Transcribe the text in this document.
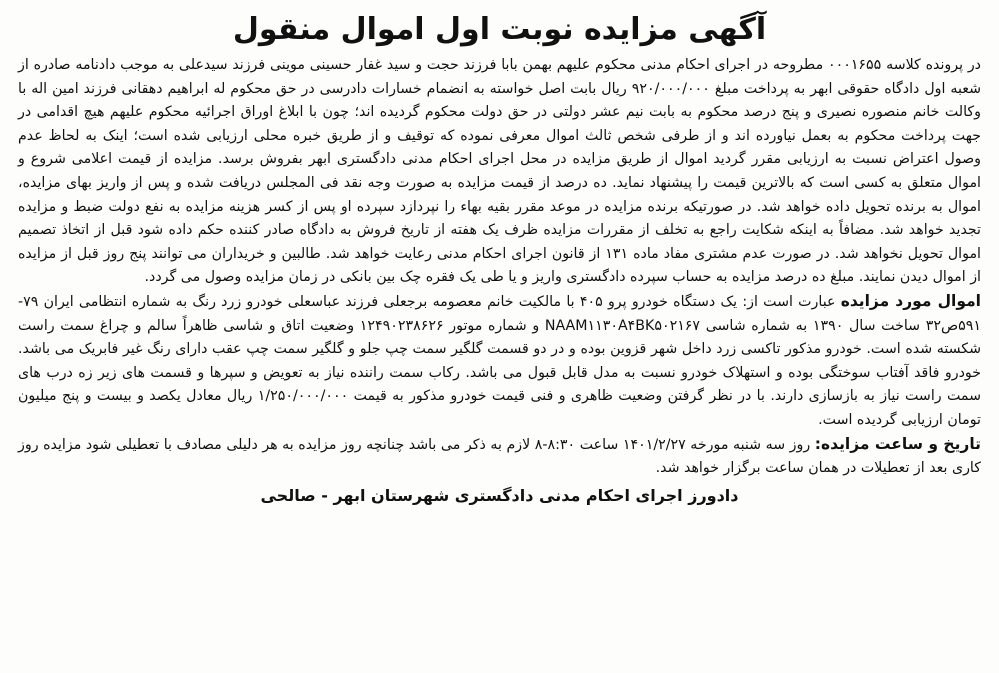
آگهی مزایده نوبت اول اموال منقول

در پرونده کلاسه ۰۰۰۱۶۵۵ مطروحه در اجرای احکام مدنی محکوم علیهم بهمن بابا فرزند حجت و سید غفار حسینی موینی فرزند سیدعلی به موجب دادنامه صادره از شعبه اول دادگاه حقوقی ابهر به پرداخت مبلغ ۹۲۰/۰۰۰/۰۰۰ ریال بابت اصل خواسته به انضمام خسارات دادرسی در حق محکوم له ابراهیم دهقانی فرزند امین اله با وکالت خانم منصوره نصیری و پنج درصد محکوم به بابت نیم عشر دولتی در حق دولت محکوم گردیده اند؛ چون با ابلاغ اوراق اجرائیه محکوم علیهم هیچ اقدامی در جهت پرداخت محکوم به بعمل نیاورده اند و از طرفی شخص ثالث اموال معرفی نموده که توقیف و از طریق خبره محلی ارزیابی شده است؛ اینک به لحاظ عدم وصول اعتراض نسبت به ارزیابی مقرر گردید اموال از طریق مزایده در محل اجرای احکام مدنی دادگستری ابهر بفروش برسد. مزایده از قیمت اعلامی شروع و اموال متعلق به کسی است که بالاترین قیمت را پیشنهاد نماید. ده درصد از قیمت مزایده به صورت وجه نقد فی المجلس دریافت شده و پس از واریز بهای مزایده، اموال به برنده تحویل داده خواهد شد. در صورتیکه برنده مزایده در موعد مقرر بقیه بهاء را نپردازد سپرده او پس از کسر هزینه مزایده به نفع دولت ضبط و مزایده تجدید خواهد شد. مضافاً به اینکه شکایت راجع به تخلف از مقررات مزایده ظرف یک هفته از تاریخ فروش به دادگاه صادر کننده حکم داده شود قبل از اتخاذ تصمیم اموال تحویل نخواهد شد. در صورت عدم مشتری مفاد ماده ۱۳۱ از قانون اجرای احکام مدنی رعایت خواهد شد. طالبین و خریداران می توانند پنج روز قبل از مزایده از اموال دیدن نمایند. مبلغ ده درصد مزایده به حساب سپرده دادگستری واریز و یا طی یک فقره چک بین بانکی در زمان مزایده وصول می گردد.

اموال مورد مزایده عبارت است از: یک دستگاه خودرو پرو ۴۰۵ با مالکیت خانم معصومه برجعلی فرزند عباسعلی خودرو زرد رنگ به شماره انتظامی ایران ۷۹- ۵۹۱ص۳۲ ساخت سال ۱۳۹۰ به شماره شاسی NAAM۱۱۳۰A۴BK۵۰۲۱۶۷ و شماره موتور ۱۲۴۹۰۲۳۸۶۲۶ وضعیت اتاق و شاسی ظاهراً سالم و چراغ سمت راست شکسته شده است. خودرو مذکور تاکسی زرد داخل شهر قزوین بوده و در دو قسمت گلگیر سمت چپ جلو و گلگیر سمت چپ عقب دارای رنگ غیر فابریک می باشد. خودرو فاقد آفتاب سوختگی بوده و استهلاک خودرو نسبت به مدل قابل قبول می باشد. رکاب سمت راننده نیاز به تعویض و سپرها و قسمت های زیر زه درب های سمت راست نیاز به بازسازی دارند. با در نظر گرفتن وضعیت ظاهری و فنی قیمت خودرو مذکور به قیمت ۱/۲۵۰/۰۰۰/۰۰۰ ریال معادل یکصد و بیست و پنج میلیون تومان ارزیابی گردیده است.

تاریخ و ساعت مزایده: روز سه شنبه مورخه ۱۴۰۱/۲/۲۷ ساعت ۸:۳۰-۸ لازم به ذکر می باشد چنانچه روز مزایده به هر دلیلی مصادف با تعطیلی شود مزایده روز کاری بعد از تعطیلات در همان ساعت برگزار خواهد شد.

دادورز اجرای احکام مدنی دادگستری شهرستان ابهر - صالحی
